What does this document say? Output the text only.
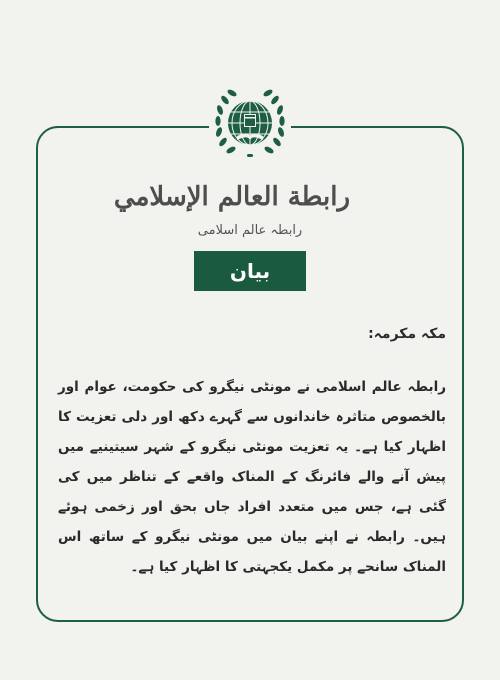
رابطة العالم الإسلامي
رابطہ عالم اسلامی
بیان
مکہ مکرمہ:
رابطہ عالم اسلامی نے مونٹی نیگرو کی حکومت، عوام اور بالخصوص متاثرہ خاندانوں سے گہرے دکھ اور دلی تعزیت کا اظہار کیا ہے۔ یہ تعزیت مونٹی نیگرو کے شہر سیتینیے میں پیش آنے والے فائرنگ کے المناک واقعے کے تناظر میں کی گئی ہے، جس میں متعدد افراد جاں بحق اور زخمی ہوئے ہیں۔ رابطہ نے اپنے بیان میں مونٹی نیگرو کے ساتھ اس المناک سانحے پر مکمل یکجہتی کا اظہار کیا ہے۔
